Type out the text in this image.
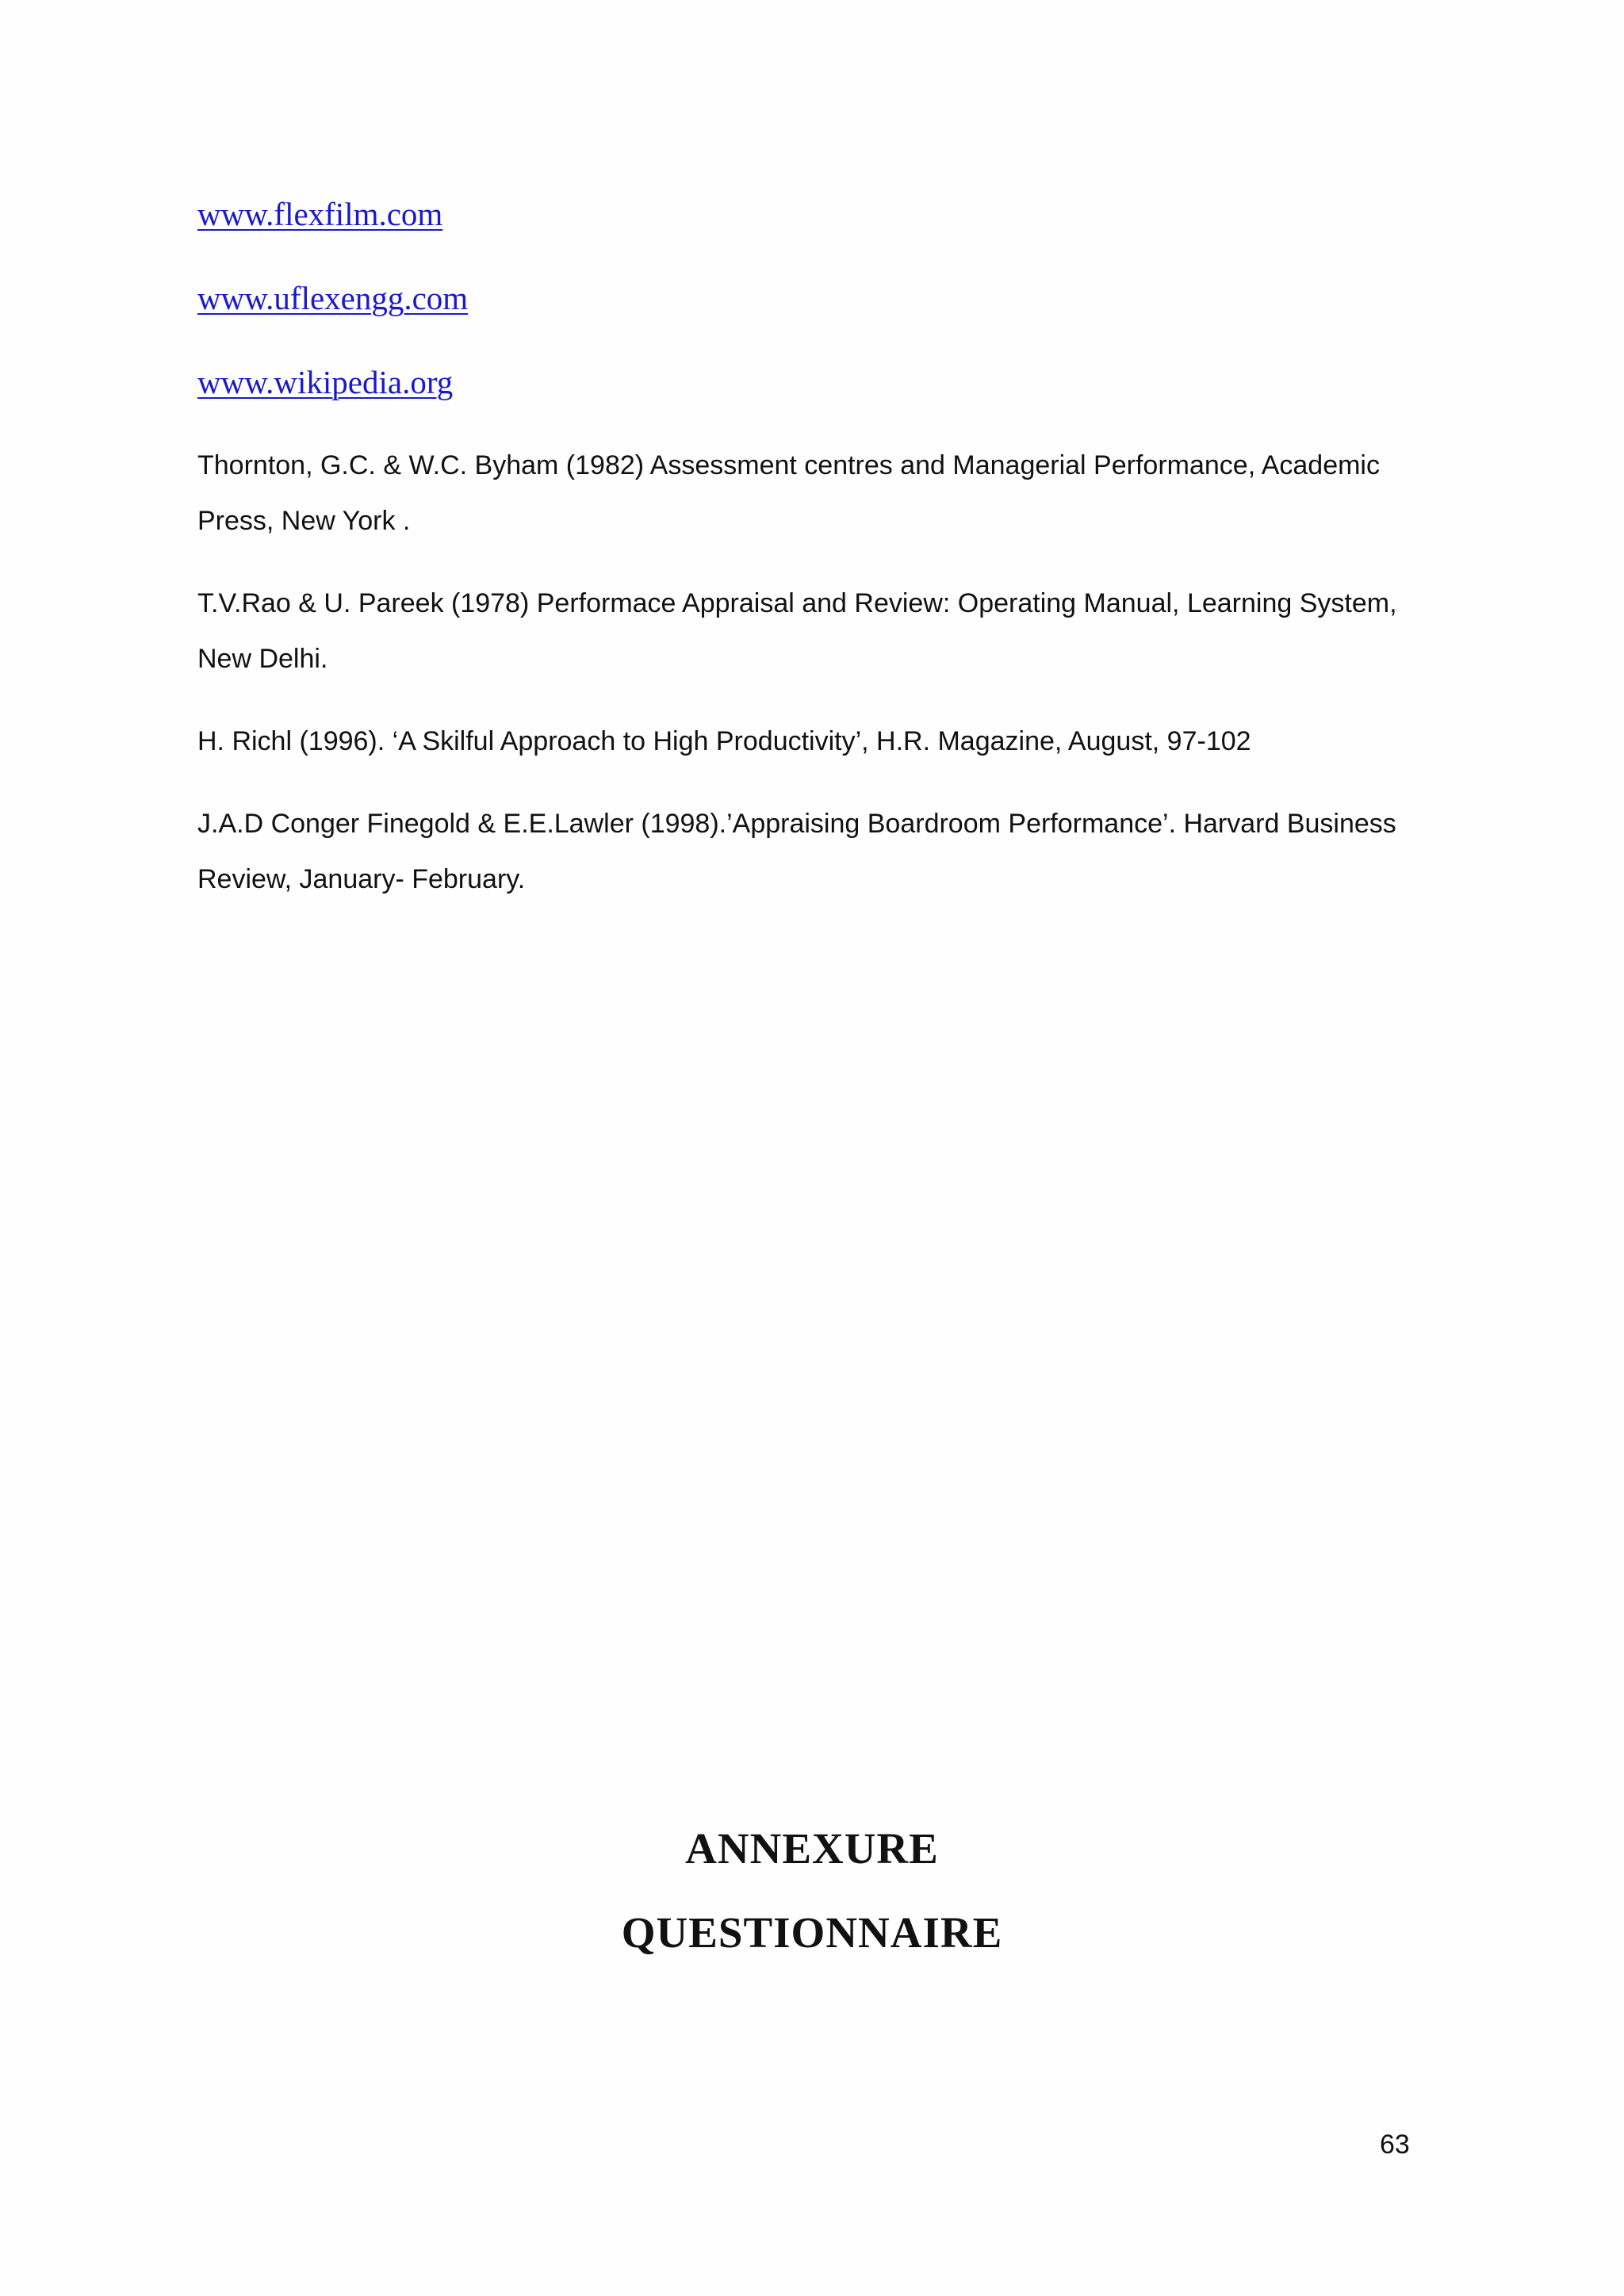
www.flexfilm.com
www.uflexengg.com
www.wikipedia.org
Thornton, G.C. & W.C. Byham (1982) Assessment centres and Managerial Performance, Academic Press, New York .
T.V.Rao & U. Pareek (1978) Performace Appraisal and Review: Operating Manual, Learning System, New Delhi.
H. Richl (1996). ‘A Skilful Approach to High Productivity’, H.R. Magazine, August, 97-102
J.A.D Conger Finegold & E.E.Lawler (1998).’Appraising Boardroom Performance’. Harvard Business Review, January- February.
ANNEXURE
QUESTIONNAIRE
63
